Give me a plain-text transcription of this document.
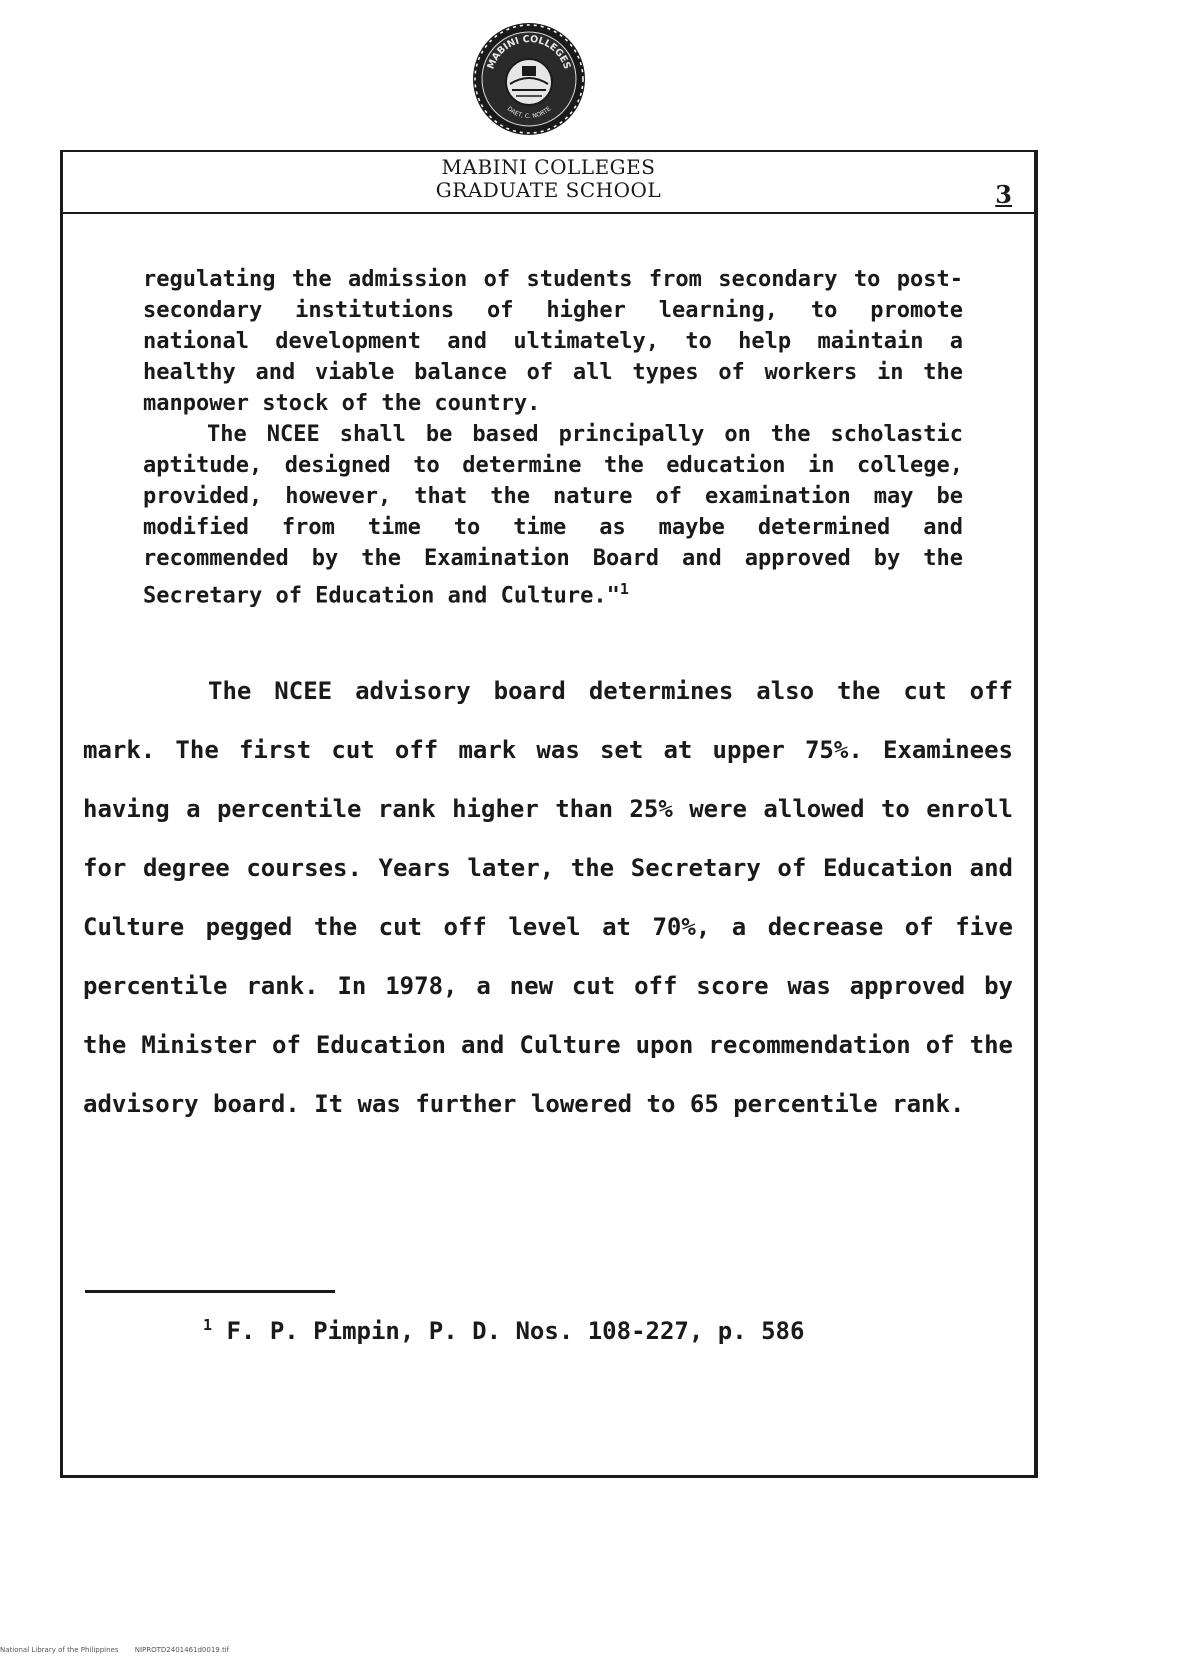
MABINI COLLEGES
DAET, C. NORTE
MABINI COLLEGES
GRADUATE SCHOOL	3

regulating the admission of students from secondary to post-secondary institutions of higher learning, to promote national development and ultimately, to help maintain a healthy and viable balance of all types of workers in the manpower stock of the country.

The NCEE shall be based principally on the scholastic aptitude, designed to determine the education in college, provided, however, that the nature of examination may be modified from time to time as maybe determined and recommended by the Examination Board and approved by the Secretary of Education and Culture."$^1$

The NCEE advisory board determines also the cut off mark. The first cut off mark was set at upper 75%. Examinees having a percentile rank higher than 25% were allowed to enroll for degree courses. Years later, the Secretary of Education and Culture pegged the cut off level at 70%, a decrease of five percentile rank. In 1978, a new cut off score was approved by the Minister of Education and Culture upon recommendation of the advisory board. It was further lowered to 65 percentile rank.

$^1$ F. P. Pimpin, P. D. Nos. 108-227, p. 586
National Library of the Philippines NIPROTD2401461d0019.tif
